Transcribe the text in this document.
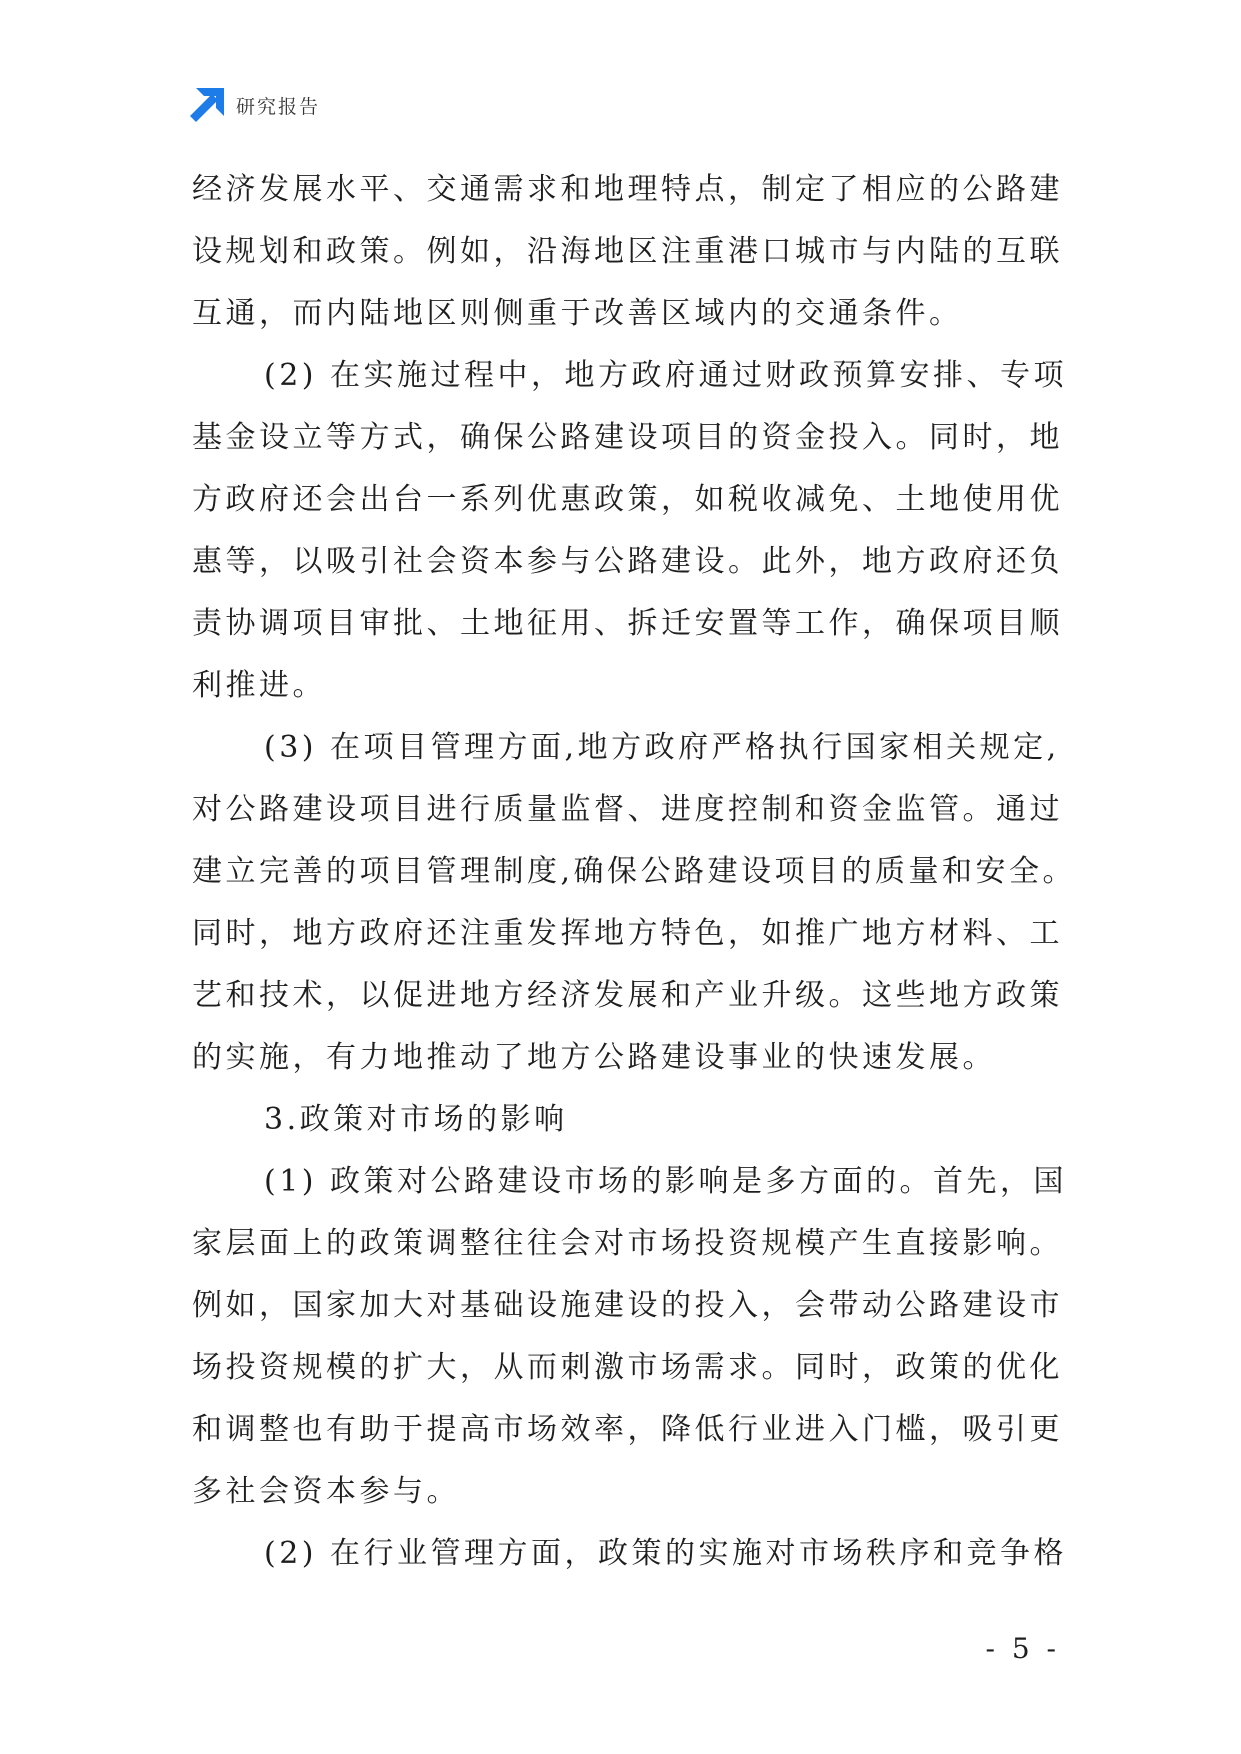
研究报告
经济发展水平、交通需求和地理特点，制定了相应的公路建
设规划和政策。例如，沿海地区注重港口城市与内陆的互联
互通，而内陆地区则侧重于改善区域内的交通条件。
(2) 在实施过程中，地方政府通过财政预算安排、专项
基金设立等方式，确保公路建设项目的资金投入。同时，地
方政府还会出台一系列优惠政策，如税收减免、土地使用优
惠等，以吸引社会资本参与公路建设。此外，地方政府还负
责协调项目审批、土地征用、拆迁安置等工作，确保项目顺
利推进。
(3) 在项目管理方面,地方政府严格执行国家相关规定,
对公路建设项目进行质量监督、进度控制和资金监管。通过
建立完善的项目管理制度,确保公路建设项目的质量和安全。
同时，地方政府还注重发挥地方特色，如推广地方材料、工
艺和技术，以促进地方经济发展和产业升级。这些地方政策
的实施，有力地推动了地方公路建设事业的快速发展。
3.政策对市场的影响
(1) 政策对公路建设市场的影响是多方面的。首先，国
家层面上的政策调整往往会对市场投资规模产生直接影响。
例如，国家加大对基础设施建设的投入，会带动公路建设市
场投资规模的扩大，从而刺激市场需求。同时，政策的优化
和调整也有助于提高市场效率，降低行业进入门槛，吸引更
多社会资本参与。
(2) 在行业管理方面，政策的实施对市场秩序和竞争格
- 5 -
